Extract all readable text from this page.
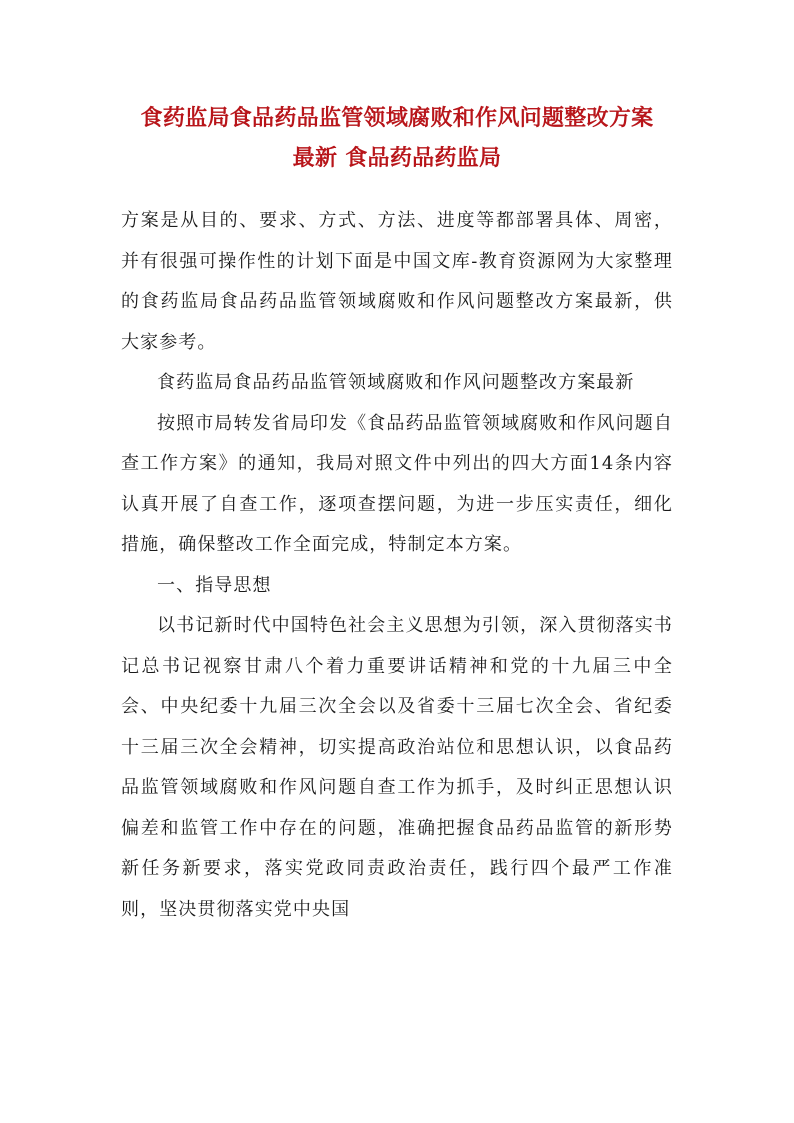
食药监局食品药品监管领域腐败和作风问题整改方案
最新 食品药品药监局

方案是从目的、要求、方式、方法、进度等都部署具体、周密，并有很强可操作性的计划下面是中国文库-教育资源网为大家整理的食药监局食品药品监管领域腐败和作风问题整改方案最新，供大家参考。

食药监局食品药品监管领域腐败和作风问题整改方案最新

按照市局转发省局印发《食品药品监管领域腐败和作风问题自查工作方案》的通知，我局对照文件中列出的四大方面14条内容认真开展了自查工作，逐项查摆问题，为进一步压实责任，细化措施，确保整改工作全面完成，特制定本方案。

一、指导思想

以书记新时代中国特色社会主义思想为引领，深入贯彻落实书记总书记视察甘肃八个着力重要讲话精神和党的十九届三中全会、中央纪委十九届三次全会以及省委十三届七次全会、省纪委十三届三次全会精神，切实提高政治站位和思想认识，以食品药品监管领域腐败和作风问题自查工作为抓手，及时纠正思想认识偏差和监管工作中存在的问题，准确把握食品药品监管的新形势新任务新要求，落实党政同责政治责任，践行四个最严工作准则，坚决贯彻落实党中央国
